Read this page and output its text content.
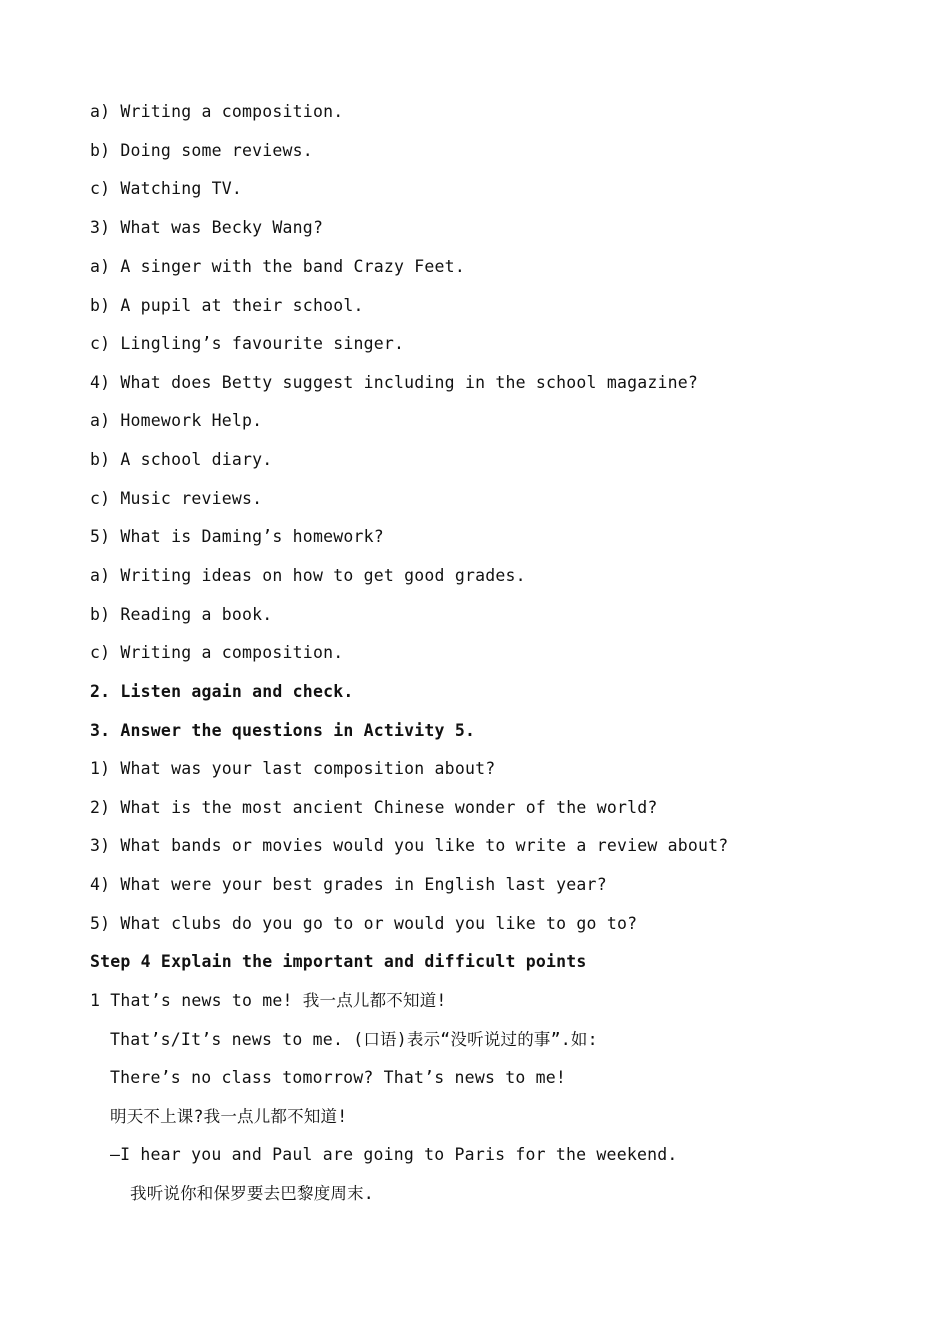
a) Writing a composition.
b) Doing some reviews.
c) Watching TV.
3) What was Becky Wang?
a) A singer with the band Crazy Feet.
b) A pupil at their school.
c) Lingling’s favourite singer.
4) What does Betty suggest including in the school magazine?
a) Homework Help.
b) A school diary.
c) Music reviews.
5) What is Daming’s homework?
a) Writing ideas on how to get good grades.
b) Reading a book.
c) Writing a composition.
2. Listen again and check.
3. Answer the questions in Activity 5.
1) What was your last composition about?
2) What is the most ancient Chinese wonder of the world?
3) What bands or movies would you like to write a review about?
4) What were your best grades in English last year?
5) What clubs do you go to or would you like to go to?
Step 4 Explain the important and difficult points
1 That’s news to me! 我一点儿都不知道!
That’s/It’s news to me. (口语)表示“没听说过的事”.如:
There’s no class tomorrow? That’s news to me!
明天不上课?我一点儿都不知道!
—I hear you and Paul are going to Paris for the weekend.
我听说你和保罗要去巴黎度周末.
